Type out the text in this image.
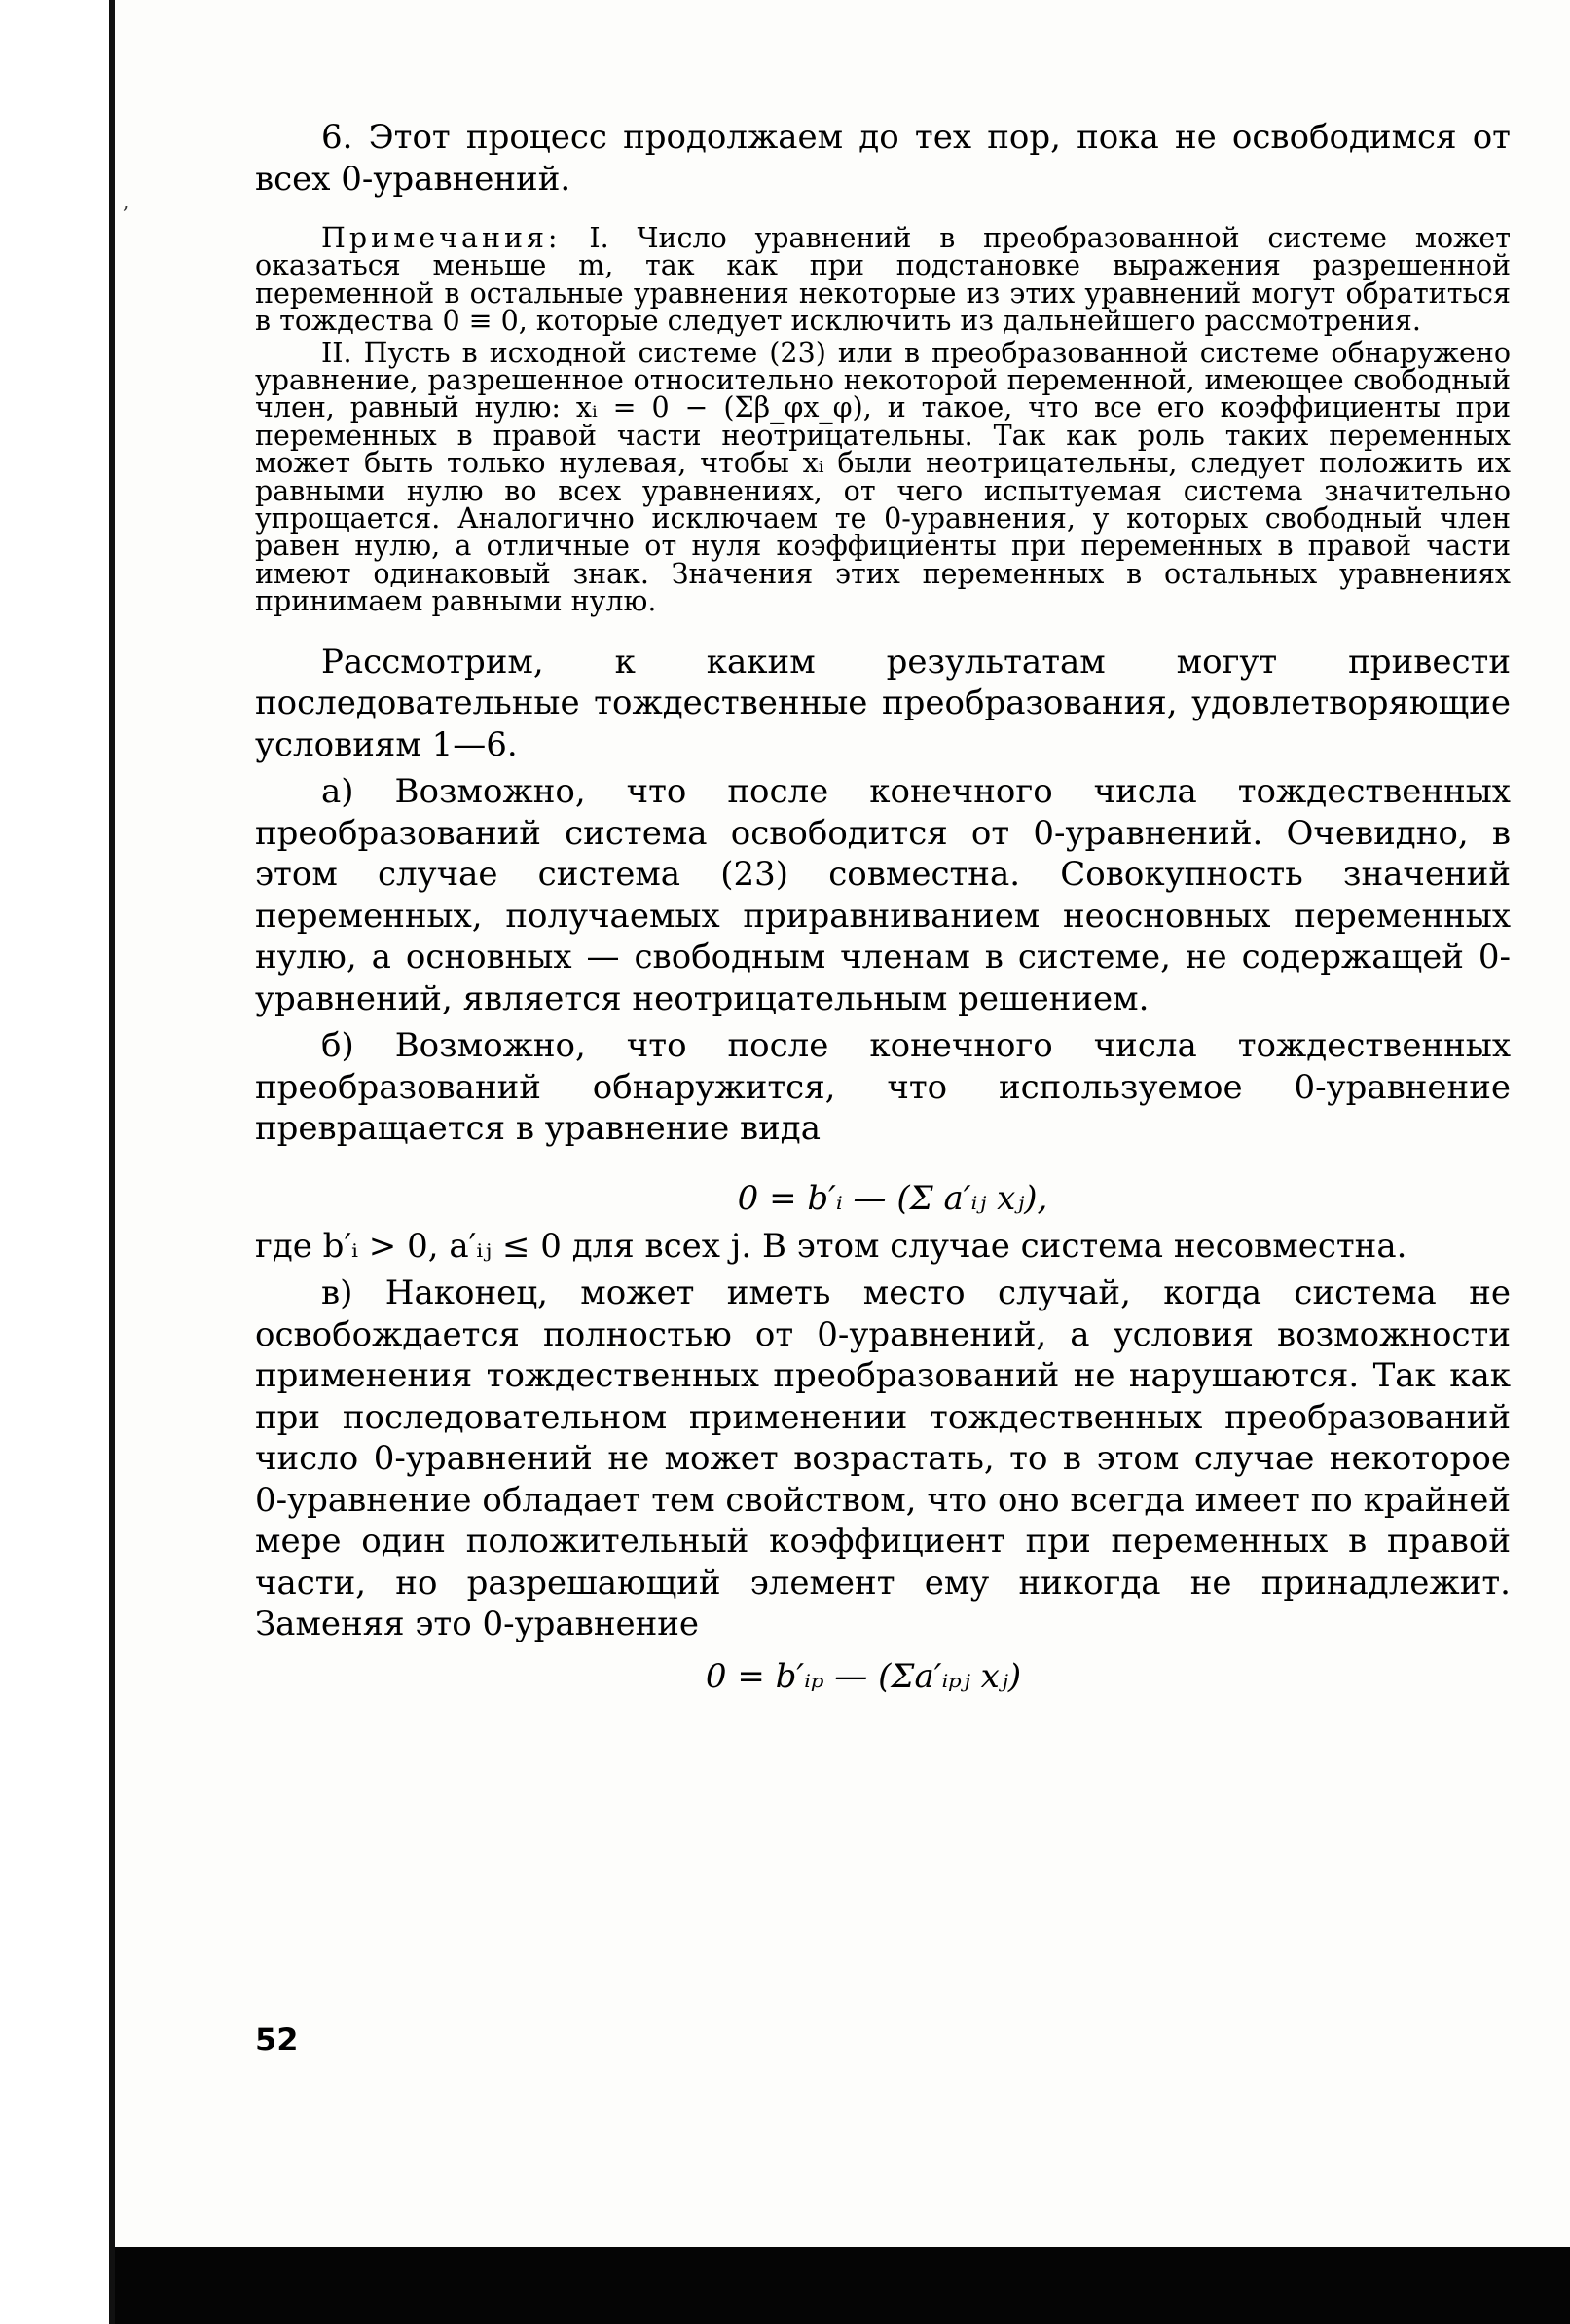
,

6. Этот процесс продолжаем до тех пор, пока не освободимся от всех 0-уравнений.

Примечания: I. Число уравнений в преобразованной системе может оказаться меньше m, так как при подстановке выражения разрешенной переменной в остальные уравнения некоторые из этих уравнений могут обратиться в тождества 0 ≡ 0, которые следует исключить из дальнейшего рассмотрения.

II. Пусть в исходной системе (23) или в преобразованной системе обнаружено уравнение, разрешенное относительно некоторой переменной, имеющее свободный член, равный нулю: xᵢ = 0 − (Σβ_φx_φ), и такое, что все его коэффициенты при переменных в правой части неотрицательны. Так как роль таких переменных может быть только нулевая, чтобы xᵢ были неотрицательны, следует положить их равными нулю во всех уравнениях, от чего испытуемая система значительно упрощается. Аналогично исключаем те 0-уравнения, у которых свободный член равен нулю, а отличные от нуля коэффициенты при переменных в правой части имеют одинаковый знак. Значения этих переменных в остальных уравнениях принимаем равными нулю.

Рассмотрим, к каким результатам могут привести последовательные тождественные преобразования, удовлетворяющие условиям 1—6.

а) Возможно, что после конечного числа тождественных преобразований система освободится от 0-уравнений. Очевидно, в этом случае система (23) совместна. Совокупность значений переменных, получаемых приравниванием неосновных переменных нулю, а основных — свободным членам в системе, не содержащей 0-уравнений, является неотрицательным решением.

б) Возможно, что после конечного числа тождественных преобразований обнаружится, что используемое 0-уравнение превращается в уравнение вида

0 = b′ᵢ — (Σ a′ᵢⱼ xⱼ),

где b′ᵢ > 0, a′ᵢⱼ ≤ 0 для всех j. В этом случае система несовместна.

в) Наконец, может иметь место случай, когда система не освобождается полностью от 0-уравнений, а условия возможности применения тождественных преобразований не нарушаются. Так как при последовательном применении тождественных преобразований число 0-уравнений не может возрастать, то в этом случае некоторое 0-уравнение обладает тем свойством, что оно всегда имеет по крайней мере один положительный коэффициент при переменных в правой части, но разрешающий элемент ему никогда не принадлежит. Заменяя это 0-уравнение

0 = b′ᵢₚ — (Σa′ᵢₚⱼ xⱼ)
52
